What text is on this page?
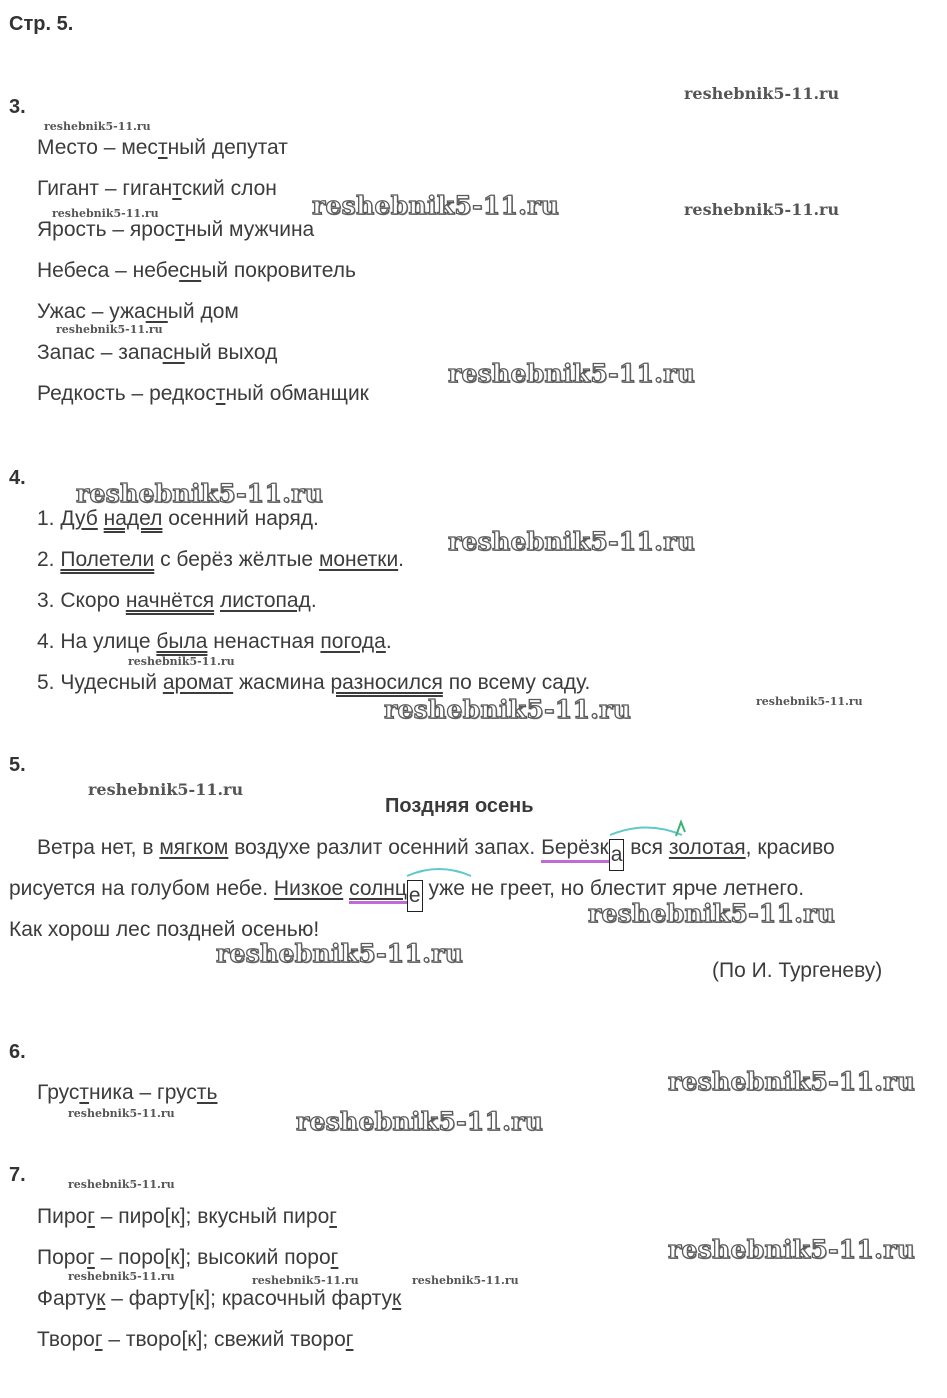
Стр. 5.
3.
Место – местный депутат
Гигант – гигантский слон
Ярость – яростный мужчина
Небеса – небесный покровитель
Ужас – ужасный дом
Запас – запасный выход
Редкость – редкостный обманщик
4.
1. Дуб надел осенний наряд.
2. Полетели с берёз жёлтые монетки.
3. Скоро начнётся листопад.
4. На улице была ненастная погода.
5. Чудесный аромат жасмина разносился по всему саду.
5.
Поздняя осень
Ветра нет, в мягком воздухе разлит осенний запах. Берёзка вся золотая, красиво
рисуется на голубом небе. Низкое солнце уже не греет, но блестит ярче летнего.
Как хорош лес поздней осенью!
(По И. Тургеневу)
6.
Грустника – грусть
7.
Пирог – пиро[к]; вкусный пирог
Порог – поро[к]; высокий порог
Фартук – фарту[к]; красочный фартук
Творог – творо[к]; свежий творог
reshebnik5-11.ru
reshebnik5-11.ru
reshebnik5-11.ru	reshebnik5-11.ru
reshebnik5-11.ru
reshebnik5-11.ru
reshebnik5-11.ru
reshebnik5-11.ru
reshebnik5-11.ru
reshebnik5-11.ru
reshebnik5-11.ru	reshebnik5-11.ru
reshebnik5-11.ru
reshebnik5-11.ru
reshebnik5-11.ru
reshebnik5-11.ru
reshebnik5-11.ru	reshebnik5-11.ru
reshebnik5-11.ru
reshebnik5-11.ru
reshebnik5-11.ru	reshebnik5-11.ru	reshebnik5-11.ru
